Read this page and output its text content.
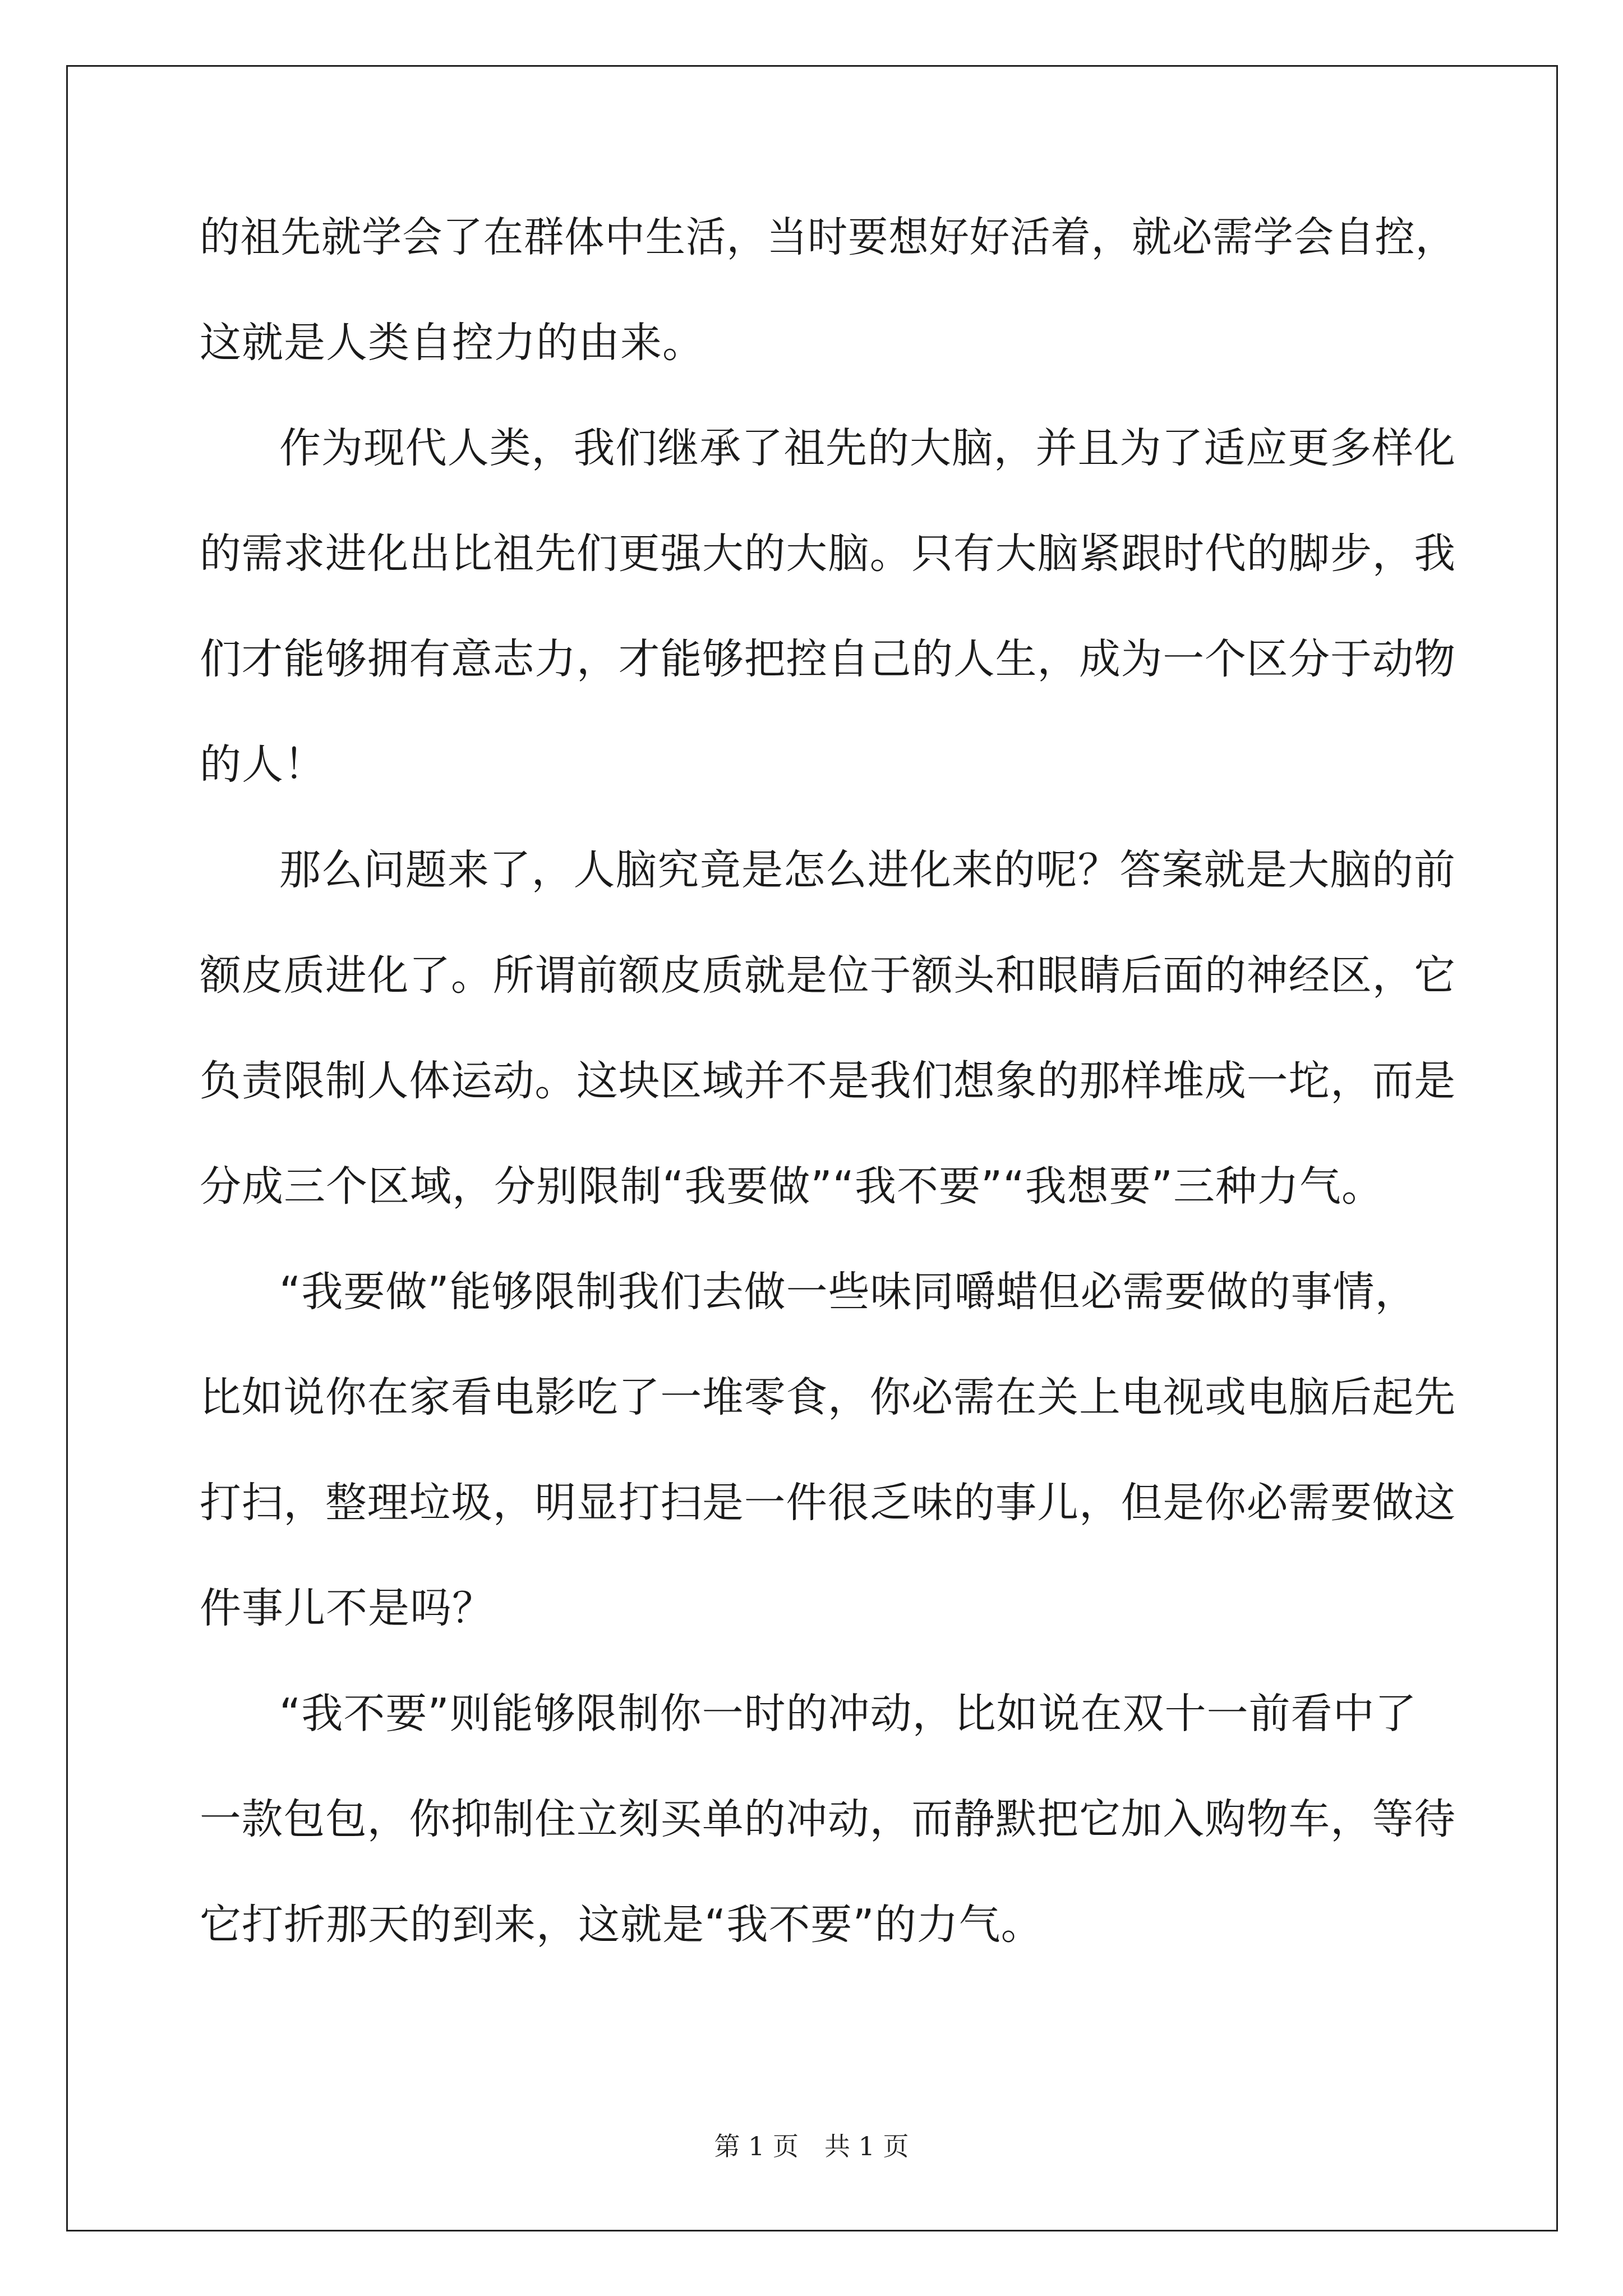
的祖先就学会了在群体中生活，当时要想好好活着，就必需学会自控，
这就是人类自控力的由来。
作为现代人类，我们继承了祖先的大脑，并且为了适应更多样化
的需求进化出比祖先们更强大的大脑。只有大脑紧跟时代的脚步，我
们才能够拥有意志力，才能够把控自己的人生，成为一个区分于动物
的人！
那么问题来了，人脑究竟是怎么进化来的呢？答案就是大脑的前
额皮质进化了。所谓前额皮质就是位于额头和眼睛后面的神经区，它
负责限制人体运动。这块区域并不是我们想象的那样堆成一坨，而是
分成三个区域，分别限制“我要做”“我不要”“我想要”三种力气。
“我要做”能够限制我们去做一些味同嚼蜡但必需要做的事情，
比如说你在家看电影吃了一堆零食，你必需在关上电视或电脑后起先
打扫，整理垃圾，明显打扫是一件很乏味的事儿，但是你必需要做这
件事儿不是吗？
“我不要”则能够限制你一时的冲动，比如说在双十一前看中了
一款包包，你抑制住立刻买单的冲动，而静默把它加入购物车，等待
它打折那天的到来，这就是“我不要”的力气。
第 1 页　共 1 页
